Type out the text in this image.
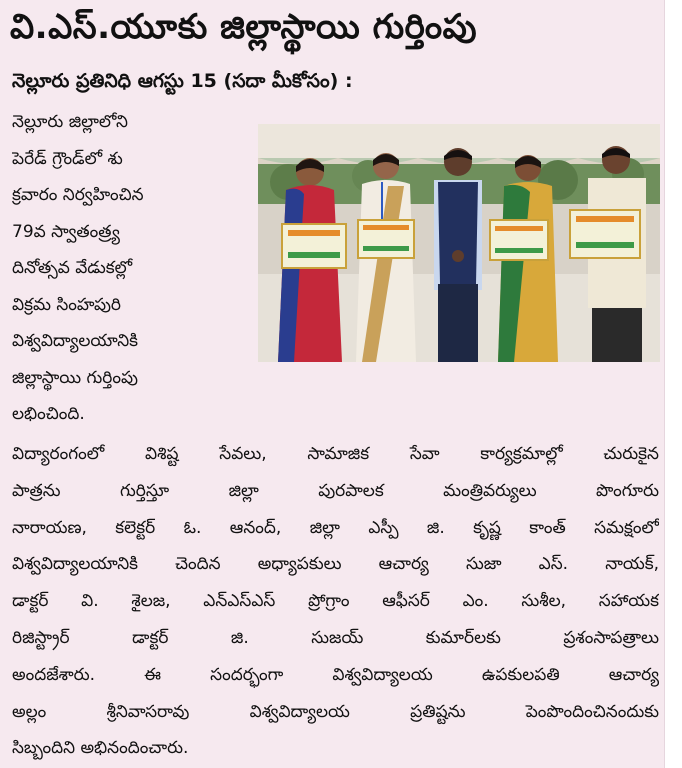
వి.ఎస్.యూకు జిల్లాస్థాయి గుర్తింపు
నెల్లూరు ప్రతినిధి ఆగస్టు 15 (సదా మీకోసం) :
నెల్లూరు జిల్లాలోని
పెరేడ్ గ్రౌండ్‌లో శు
క్రవారం నిర్వహించిన
79వ స్వాతంత్ర్య
దినోత్సవ వేడుకల్లో
విక్రమ సింహపురి
విశ్వవిద్యాలయానికి
జిల్లాస్థాయి గుర్తింపు
లభించింది.
విద్యారంగంలో విశిష్ట సేవలు, సామాజిక సేవా కార్యక్రమాల్లో చురుకైన
పాత్రను గుర్తిస్తూ జిల్లా పురపాలక మంత్రివర్యులు పొంగూరు
నారాయణ, కలెక్టర్ ఓ. ఆనంద్, జిల్లా ఎస్పీ జి. కృష్ణ కాంత్ సమక్షంలో
విశ్వవిద్యాలయానికి చెందిన అధ్యాపకులు ఆచార్య సుజా ఎస్. నాయక్,
డాక్టర్ వి. శైలజ, ఎన్ఎస్ఎస్ ప్రోగ్రాం ఆఫీసర్ ఎం. సుశీల, సహాయక
రిజిస్ట్రార్ డాక్టర్ జి. సుజయ్ కుమార్‌లకు ప్రశంసాపత్రాలు
అందజేశారు. ఈ సందర్భంగా విశ్వవిద్యాలయ ఉపకులపతి ఆచార్య
అల్లం శ్రీనివాసరావు విశ్వవిద్యాలయ ప్రతిష్టను పెంపొందించినందుకు
సిబ్బందిని అభినందించారు.
